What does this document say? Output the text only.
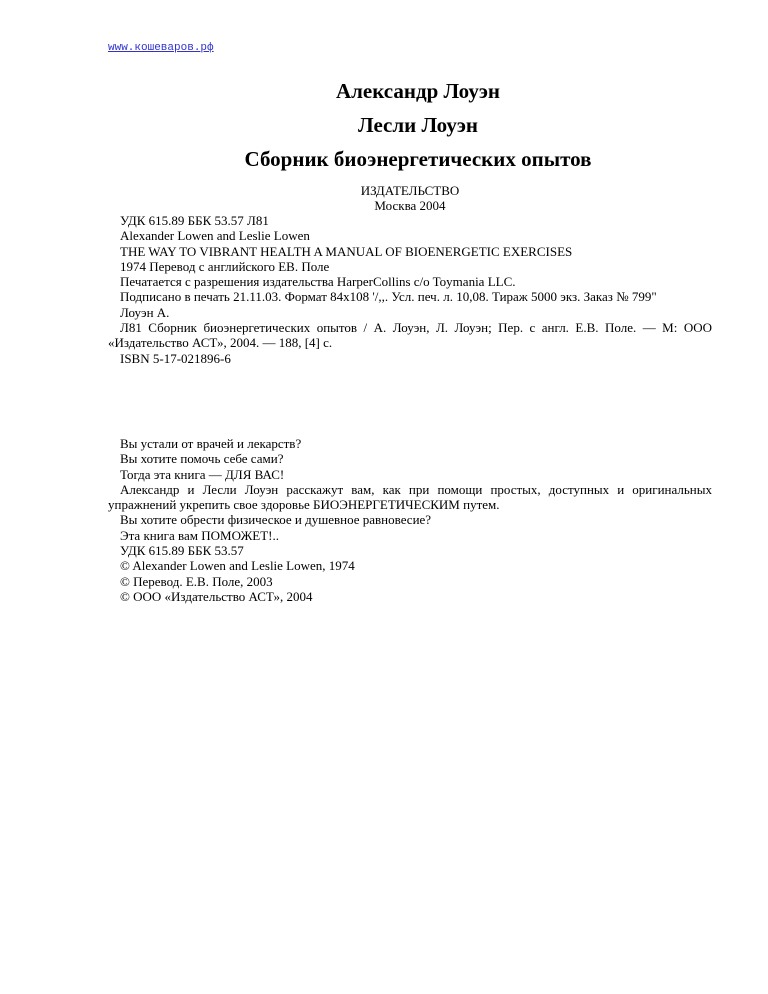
www.кошеваров.рф
Александр Лоуэн
Лесли Лоуэн
Сборник биоэнергетических опытов
ИЗДАТЕЛЬСТВО
Москва 2004

УДК 615.89 ББК 53.57 Л81

Alexander Lowen and Leslie Lowen

THE WAY TO VIBRANT HEALTH A MANUAL OF BIOENERGETIC EXERCISES

1974 Перевод с английского ЕВ. Поле

Печатается с разрешения издательства HarperCollins c/o Toymania LLC.

Подписано в печать 21.11.03. Формат 84x108 '/,,. Усл. печ. л. 10,08. Тираж 5000 экз. Заказ № 799"

Лоуэн А.

Л81 Сборник биоэнергетических опытов / А. Лоуэн, Л. Лоуэн; Пер. с англ. Е.В. Поле. — М: ООО «Издательство АСТ», 2004. — 188, [4] с.

ISBN 5-17-021896-6

Вы устали от врачей и лекарств?

Вы хотите помочь себе сами?

Тогда эта книга — ДЛЯ ВАС!

Александр и Лесли Лоуэн расскажут вам, как при помощи простых, доступных и оригинальных упражнений укрепить свое здоровье БИОЭНЕРГЕТИЧЕСКИМ путем.

Вы хотите обрести физическое и душевное равновесие?

Эта книга вам ПОМОЖЕТ!..

УДК 615.89 ББК 53.57

© Alexander Lowen and Leslie Lowen, 1974

© Перевод. Е.В. Поле, 2003

© ООО «Издательство АСТ», 2004
